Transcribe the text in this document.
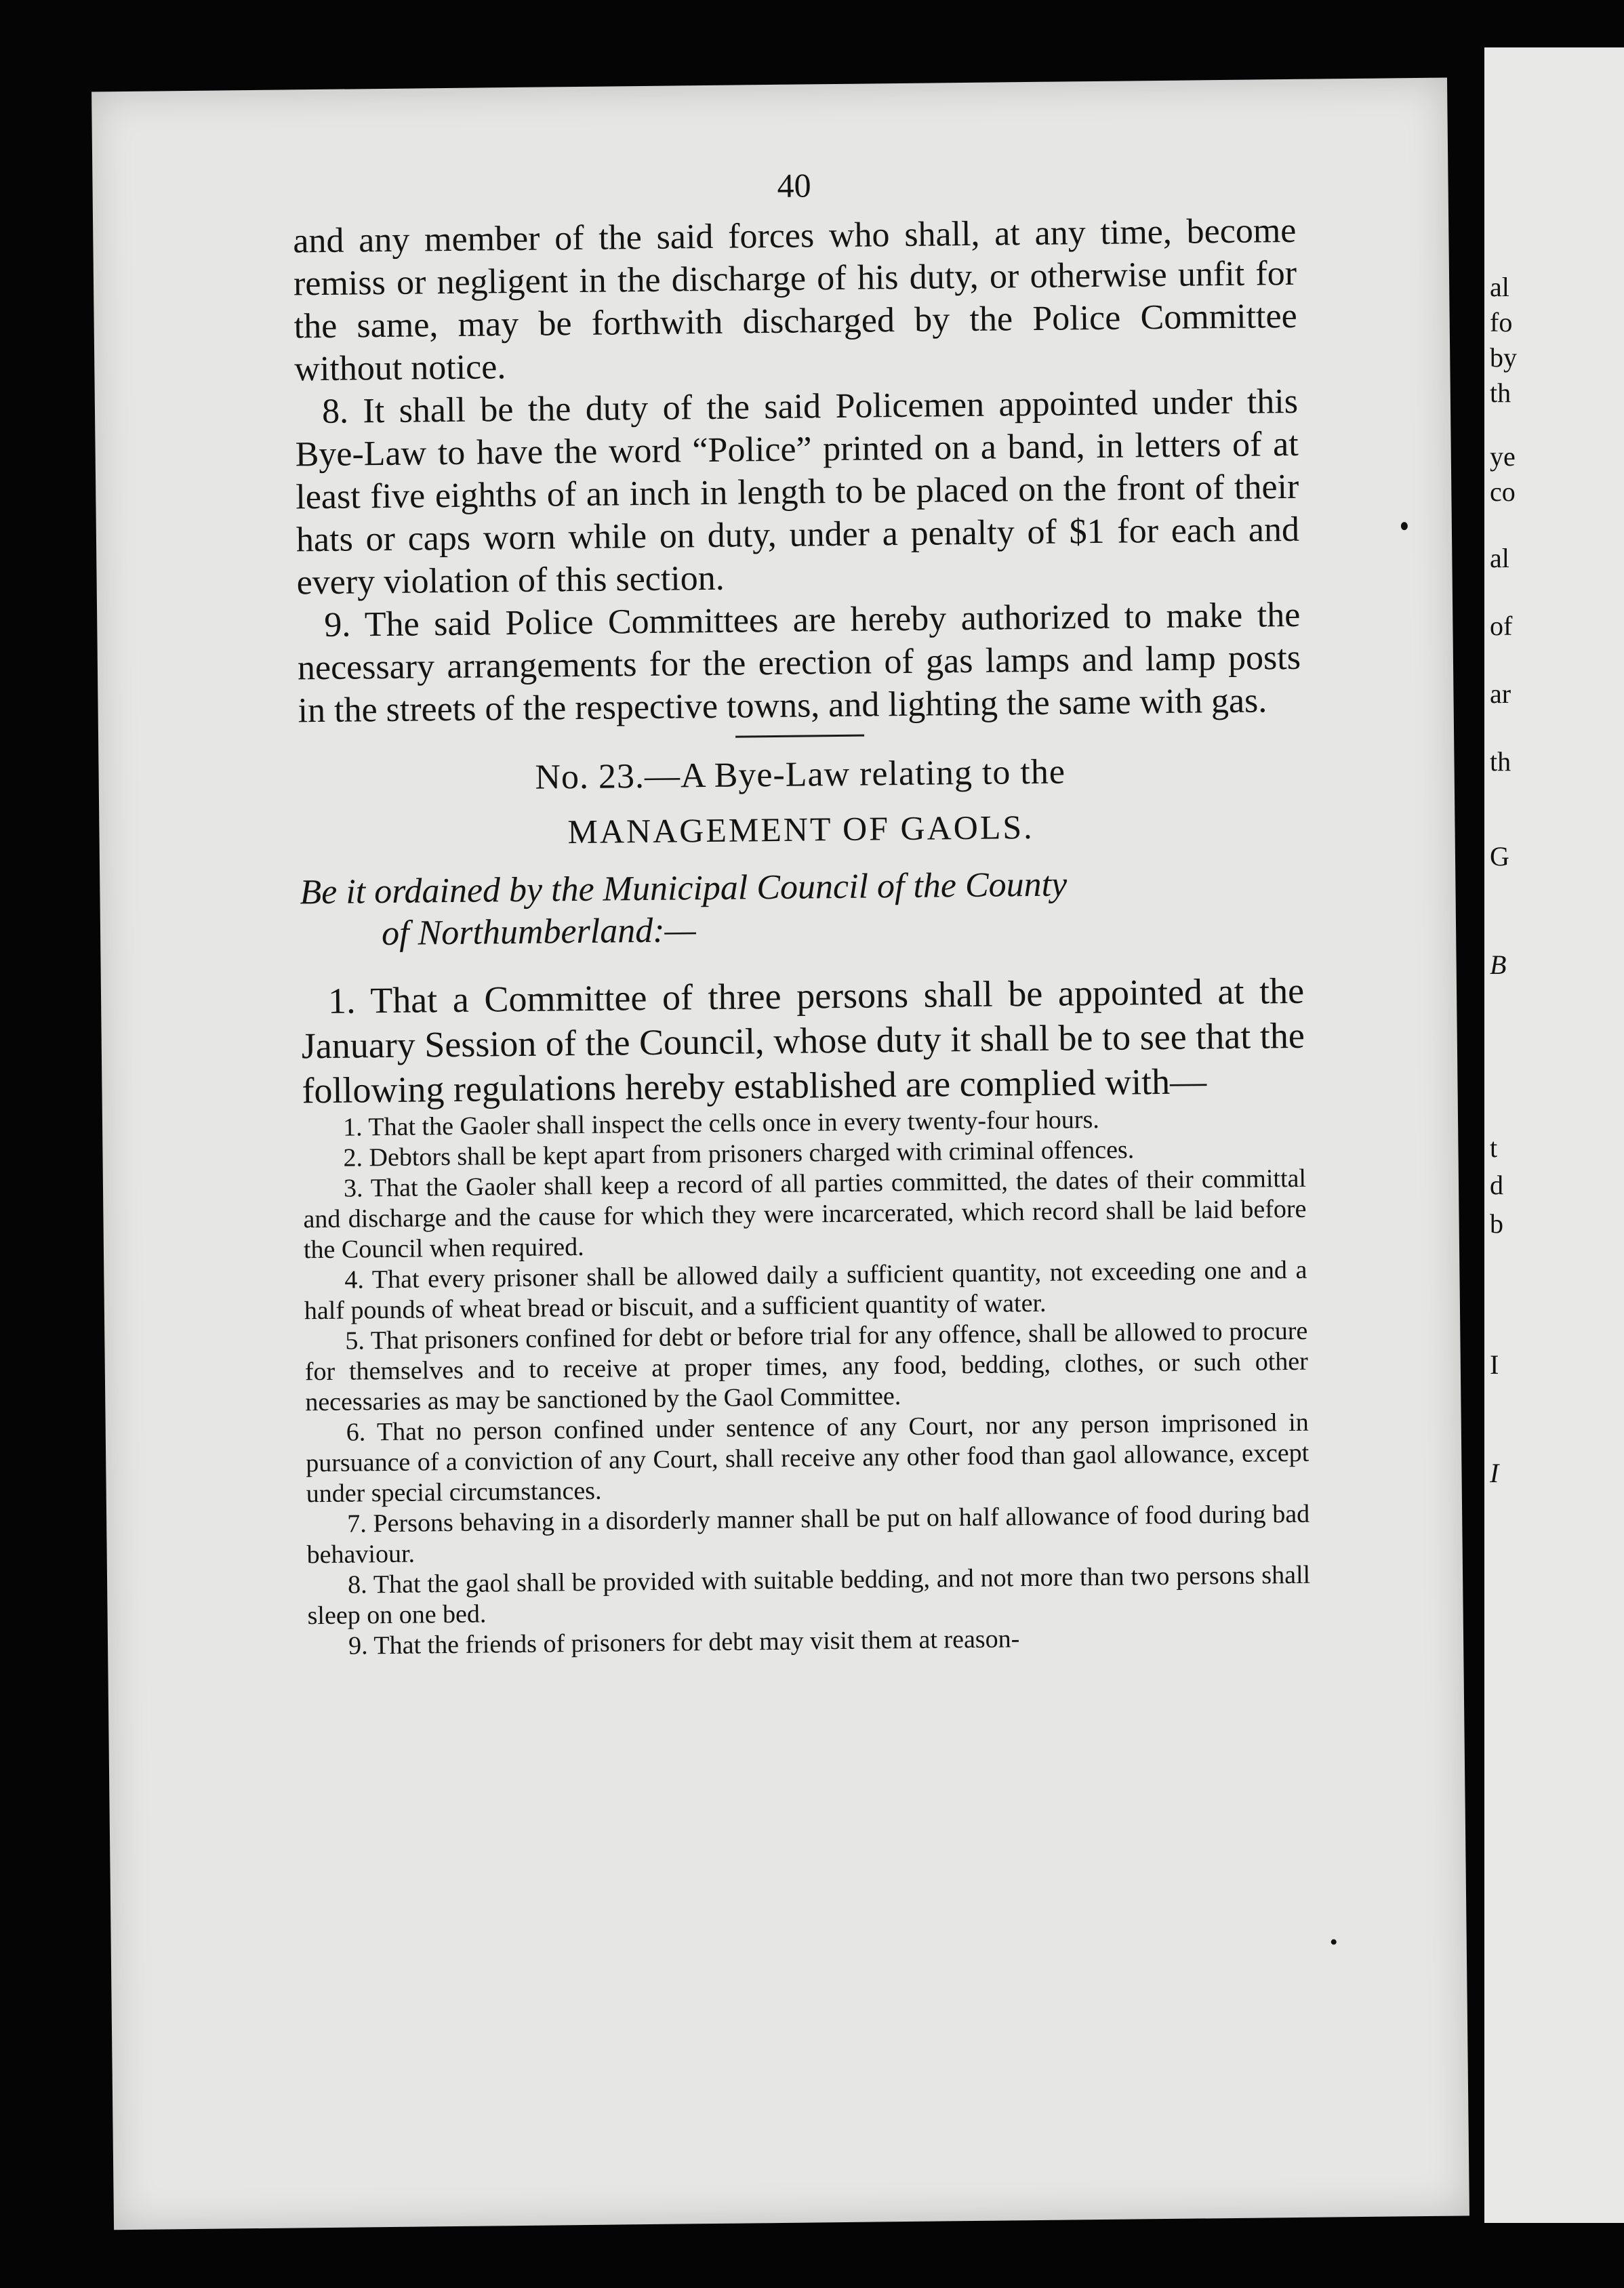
40

and any member of the said forces who shall, at any time, become remiss or negligent in the discharge of his duty, or otherwise unfit for the same, may be forthwith discharged by the Police Committee without notice.

8. It shall be the duty of the said Policemen appointed under this Bye-Law to have the word “Police” printed on a band, in letters of at least five eighths of an inch in length to be placed on the front of their hats or caps worn while on duty, under a penalty of $1 for each and every violation of this section.

9. The said Police Committees are hereby authorized to make the necessary arrangements for the erection of gas lamps and lamp posts in the streets of the respective towns, and lighting the same with gas.

No. 23.—A Bye-Law relating to the
MANAGEMENT OF GAOLS.
Be it ordained by the Municipal Council of the County
of Northumberland:—

1. That a Committee of three persons shall be appointed at the January Session of the Council, whose duty it shall be to see that the following regulations hereby established are complied with—

1. That the Gaoler shall inspect the cells once in every twenty-four hours.

2. Debtors shall be kept apart from prisoners charged with criminal offences.

3. That the Gaoler shall keep a record of all parties committed, the dates of their committal and discharge and the cause for which they were incarcerated, which record shall be laid before the Council when required.

4. That every prisoner shall be allowed daily a sufficient quantity, not exceeding one and a half pounds of wheat bread or biscuit, and a sufficient quantity of water.

5. That prisoners confined for debt or before trial for any offence, shall be allowed to procure for themselves and to receive at proper times, any food, bedding, clothes, or such other necessaries as may be sanctioned by the Gaol Committee.

6. That no person confined under sentence of any Court, nor any person imprisoned in pursuance of a conviction of any Court, shall receive any other food than gaol allowance, except under special circumstances.

7. Persons behaving in a disorderly manner shall be put on half allowance of food during bad behaviour.

8. That the gaol shall be provided with suitable bedding, and not more than two persons shall sleep on one bed.

9. That the friends of prisoners for debt may visit them at reason-

al
fo
by
th
ye
co
al
of
ar
th
G
B
t
d
b
I
I
